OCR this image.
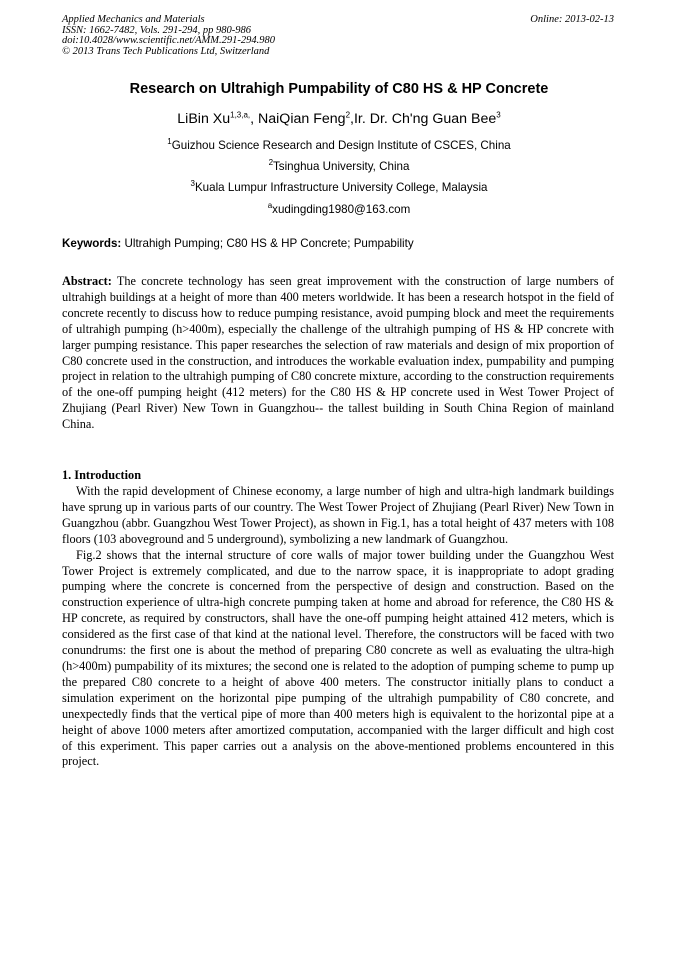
Applied Mechanics and Materials
ISSN: 1662-7482, Vols. 291-294, pp 980-986
doi:10.4028/www.scientific.net/AMM.291-294.980
© 2013 Trans Tech Publications Ltd, Switzerland
Online: 2013-02-13
Research on Ultrahigh Pumpability of C80 HS & HP Concrete
LiBin $Xu^{1,3,a,}$, NaiQian Feng$^2$,Ir. Dr. Ch'ng Guan Bee$^3$
$^1$Guizhou Science Research and Design Institute of CSCES, China
$^2$Tsinghua University, China
$^3$Kuala Lumpur Infrastructure University College, Malaysia
$^a$xudingding1980@163.com
Keywords: Ultrahigh Pumping; C80 HS & HP Concrete; Pumpability
Abstract: The concrete technology has seen great improvement with the construction of large numbers of ultrahigh buildings at a height of more than 400 meters worldwide. It has been a research hotspot in the field of concrete recently to discuss how to reduce pumping resistance, avoid pumping block and meet the requirements of ultrahigh pumping (h>400m), especially the challenge of the ultrahigh pumping of HS & HP concrete with larger pumping resistance. This paper researches the selection of raw materials and design of mix proportion of C80 concrete used in the construction, and introduces the workable evaluation index, pumpability and pumping project in relation to the ultrahigh pumping of C80 concrete mixture, according to the construction requirements of the one-off pumping height (412 meters) for the C80 HS & HP concrete used in West Tower Project of Zhujiang (Pearl River) New Town in Guangzhou-- the tallest building in South China Region of mainland China.
1. Introduction

With the rapid development of Chinese economy, a large number of high and ultra-high landmark buildings have sprung up in various parts of our country. The West Tower Project of Zhujiang (Pearl River) New Town in Guangzhou (abbr. Guangzhou West Tower Project), as shown in Fig.1, has a total height of 437 meters with 108 floors (103 aboveground and 5 underground), symbolizing a new landmark of Guangzhou.

Fig.2 shows that the internal structure of core walls of major tower building under the Guangzhou West Tower Project is extremely complicated, and due to the narrow space, it is inappropriate to adopt grading pumping where the concrete is concerned from the perspective of design and construction. Based on the construction experience of ultra-high concrete pumping taken at home and abroad for reference, the C80 HS & HP concrete, as required by constructors, shall have the one-off pumping height attained 412 meters, which is considered as the first case of that kind at the national level. Therefore, the constructors will be faced with two conundrums: the first one is about the method of preparing C80 concrete as well as evaluating the ultra-high (h>400m) pumpability of its mixtures; the second one is related to the adoption of pumping scheme to pump up the prepared C80 concrete to a height of above 400 meters. The constructor initially plans to conduct a simulation experiment on the horizontal pipe pumping of the ultrahigh pumpability of C80 concrete, and unexpectedly finds that the vertical pipe of more than 400 meters high is equivalent to the horizontal pipe at a height of above 1000 meters after amortized computation, accompanied with the larger difficult and high cost of this experiment. This paper carries out a analysis on the above-mentioned problems encountered in this project.
